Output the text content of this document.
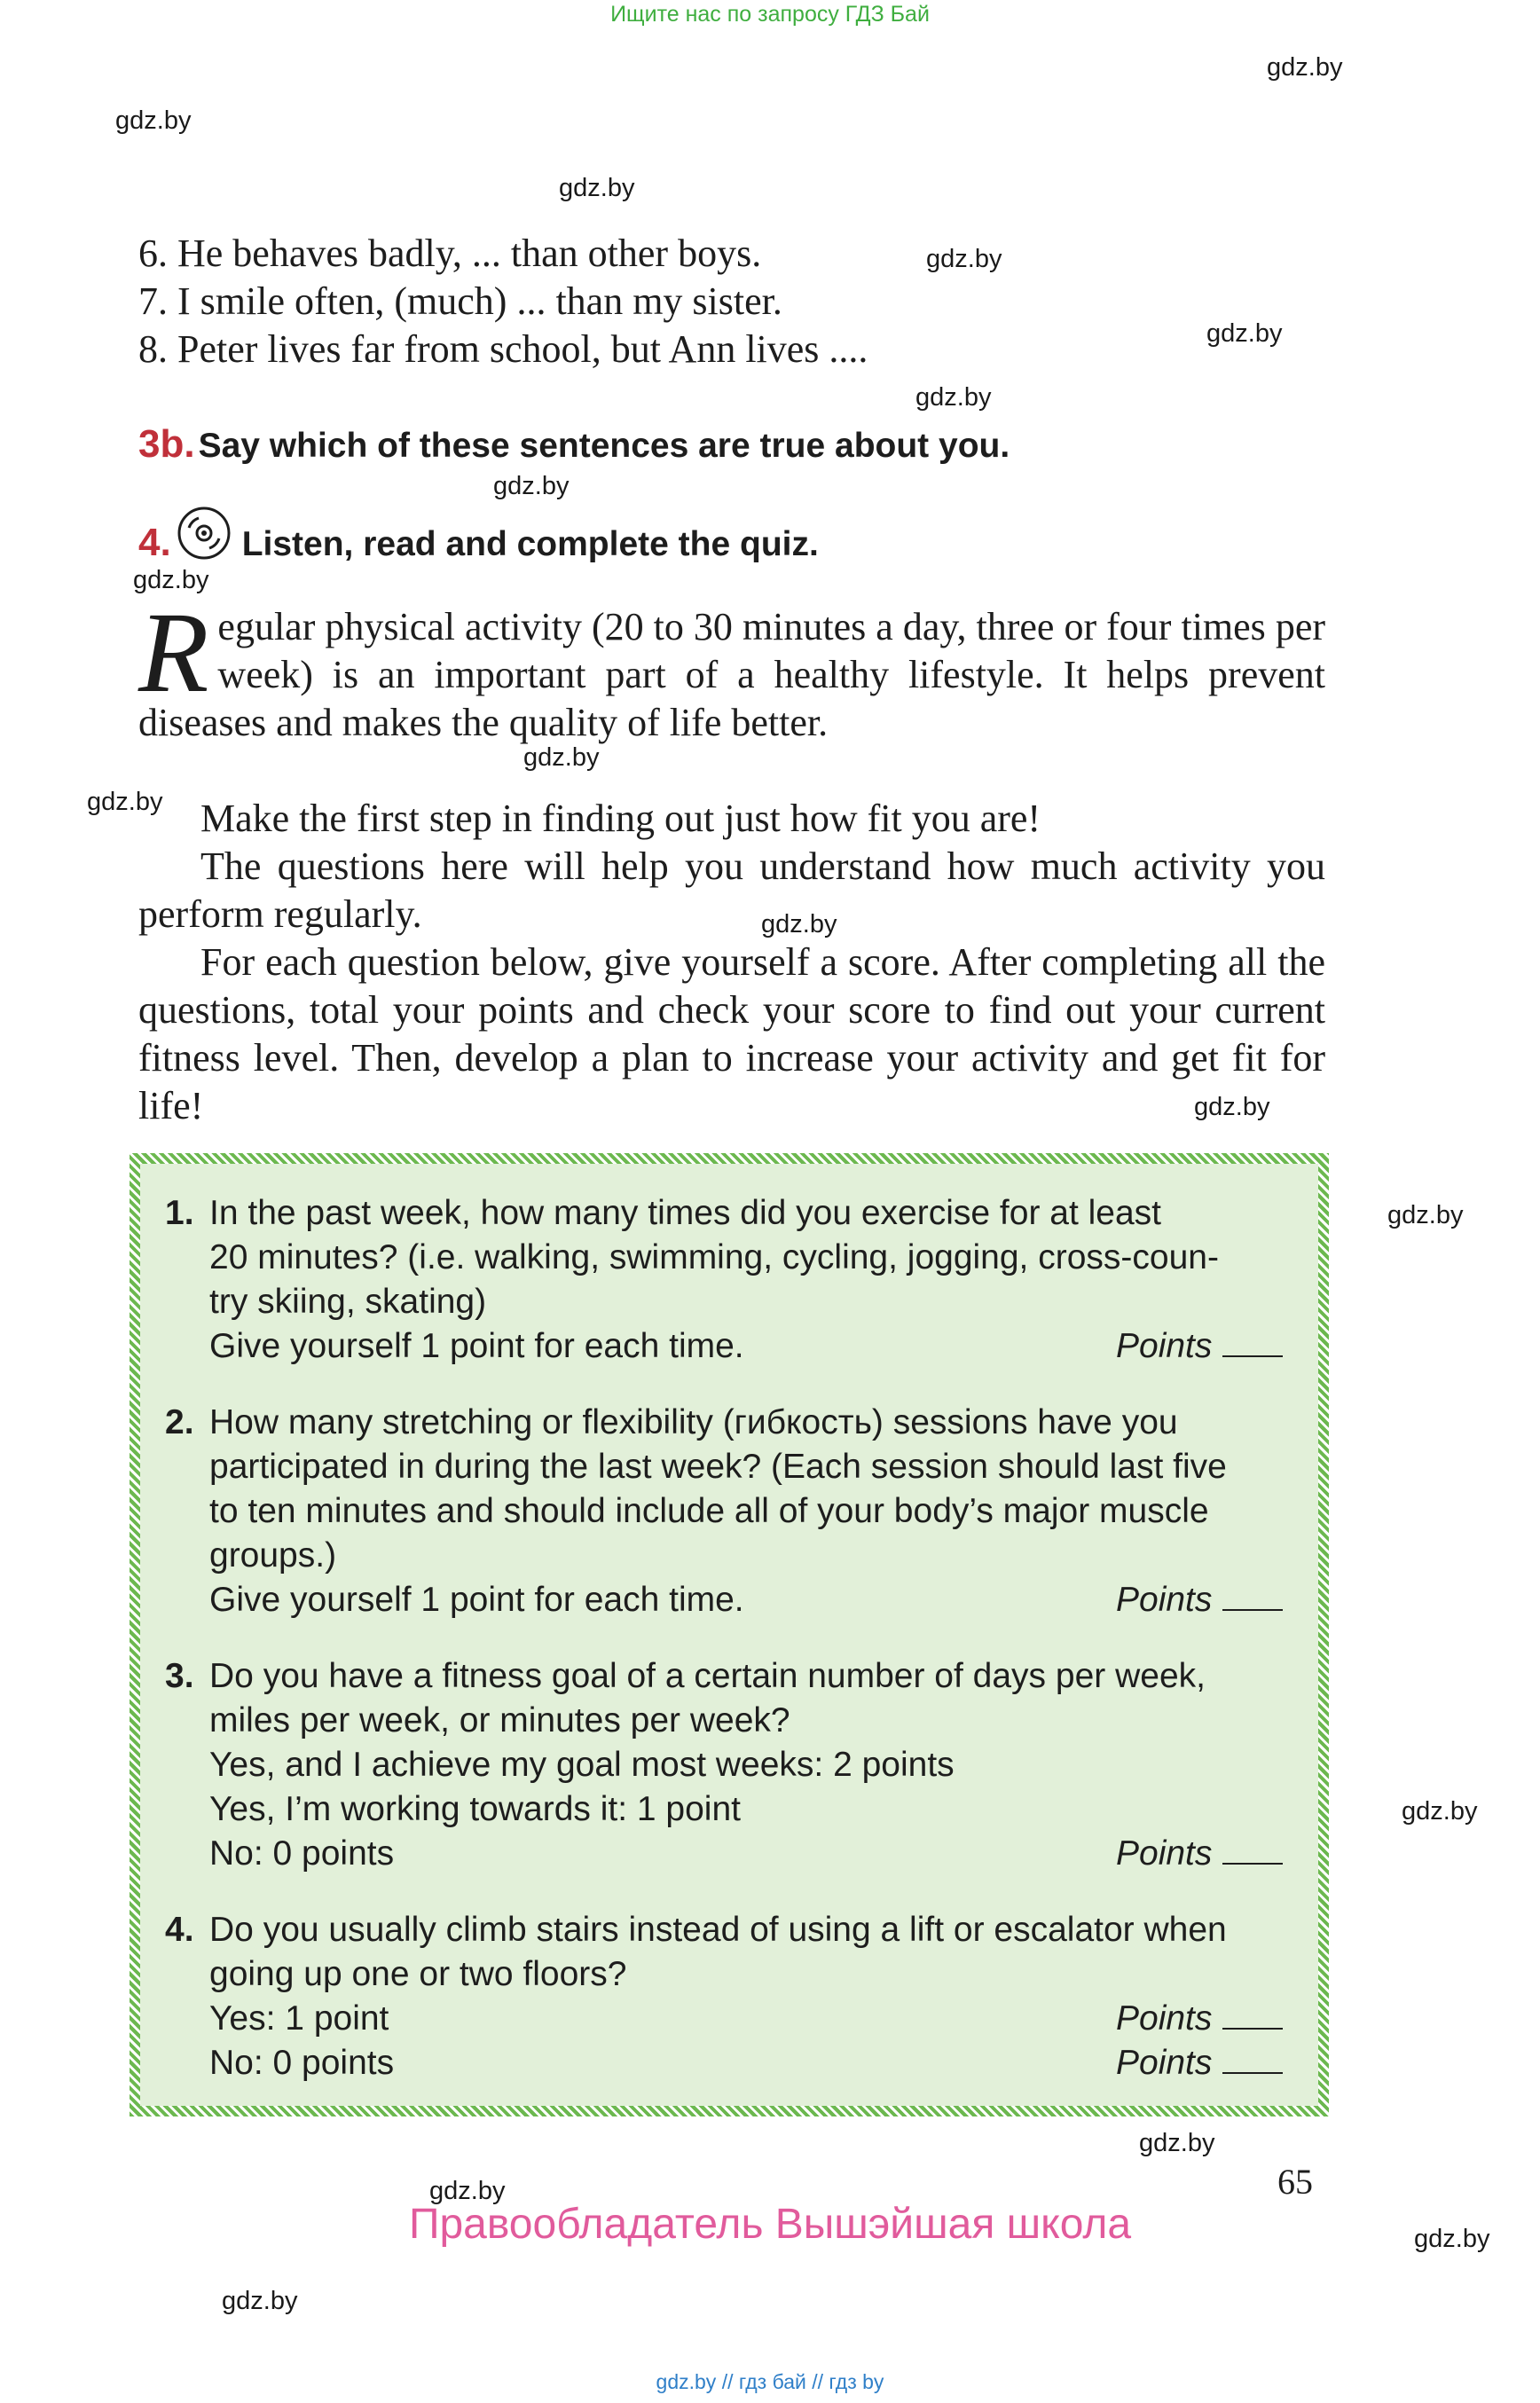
Ищите нас по запросу ГДЗ Бай
gdz.by
gdz.by
gdz.by
gdz.by
gdz.by
gdz.by
gdz.by
gdz.by
gdz.by
gdz.by
gdz.by
gdz.by
gdz.by
gdz.by
gdz.by
gdz.by
gdz.by
gdz.by
6. He behaves badly, ... than other boys.
7. I smile often, (much) ... than my sister.
8. Peter lives far from school, but Ann lives ....
3b. Say which of these sentences are true about you.
4. Listen, read and complete the quiz.
Regular physical activity (20 to 30 minutes a day, three or four times per week) is an important part of a healthy lifestyle. It helps prevent diseases and makes the quality of life better.
Make the first step in finding out just how fit you are!
The questions here will help you understand how much activity you perform regularly.
For each question below, give yourself a score. After completing all the questions, total your points and check your score to find out your current fitness level. Then, develop a plan to increase your activity and get fit for life!
1. In the past week, how many times did you exercise for at least
20 minutes? (i.e. walking, swimming, cycling, jogging, cross-coun-
try skiing, skating)
Give yourself 1 point for each time.	Points
2. How many stretching or flexibility (гибкость) sessions have you
participated in during the last week? (Each session should last five
to ten minutes and should include all of your body’s major muscle
groups.)
Give yourself 1 point for each time.	Points
3. Do you have a fitness goal of a certain number of days per week,
miles per week, or minutes per week?
Yes, and I achieve my goal most weeks: 2 points
Yes, I’m working towards it: 1 point
No: 0 points	Points
4. Do you usually climb stairs instead of using a lift or escalator when
going up one or two floors?
Yes: 1 point	Points
No: 0 points	Points
65
Правообладатель Вышэйшая школа
gdz.by // гдз бай // гдз by
